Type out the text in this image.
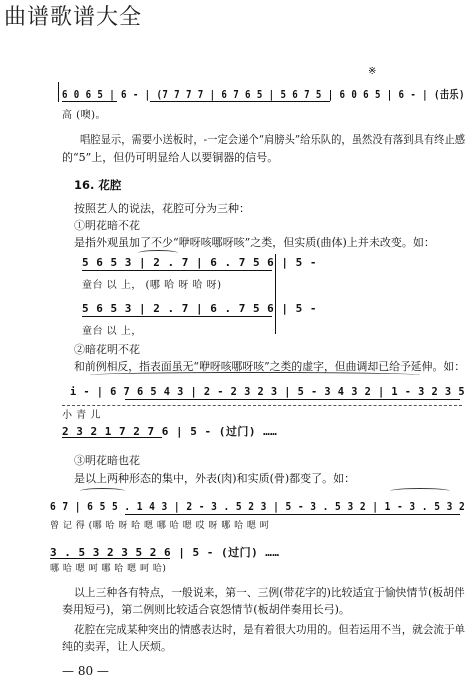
曲谱歌谱大全
※
6 0 6 5 | 6 - | (7 7 7 7 | 6 7 6 5 | 5 6 7 5 | 6 0 6 5 | 6 - | (击乐)
高 (噢)。
唱腔显示，需要小送板时，-一定会递个“肩膀头”给乐队的，虽然没有落到具有终止感
的“5”上，但仍可明显给人以要铜器的信号。
16. 花腔
按照艺人的说法，花腔可分为三种：
①明花暗不花
是指外观虽加了不少“咿呀咳哪呀咳”之类，但实质(曲体)上并未改变。如：
5 6 5 3 | 2 . 7 | 6 . 7 5 6 | 5 -
童台 以 上， (哪 哈 呀 哈 呀)
5 6 5 3 | 2 . 7 | 6 . 7 5 6 | 5 -
童台 以 上，
②暗花明不花
和前例相反，指表面虽无“咿呀咳哪呀咳”之类的虚字，但曲调却已给予延伸。如：
i - | 6 7 6 5 4 3 | 2 - 2 3 2 3 | 5 - 3 4 3 2 | 1 - 3 2 3 5
小 青 儿
2 3 2 1 7 2 7 6 | 5 - (过门) ……
③明花暗也花
是以上两种形态的集中，外表(肉)和实质(骨)都变了。如：
6 7 | 6 5 5 . 1 4 3 | 2 - 3 . 5 2 3 | 5 - 3 . 5 3 2 | 1 - 3 . 5 3 2
曾 记 得 (哪 哈 呀 哈 嗯 哪 哈 嗯 哎 呀 哪 哈 嗯 呵
3 . 5 3 2 3 5 2 6 | 5 - (过门) ……
哪 哈 嗯 呵 哪 哈 嗯 呵 哈)
以上三种各有特点，一般说来，第一、三例(带花字的)比较适宜于愉快情节(板胡伴
奏用短弓)，第二例则比较适合哀怨情节(板胡伴奏用长弓)。
花腔在完成某种突出的情感表达时，是有着很大功用的。但若运用不当，就会流于单
纯的卖弄，让人厌烦。
— 80 —
